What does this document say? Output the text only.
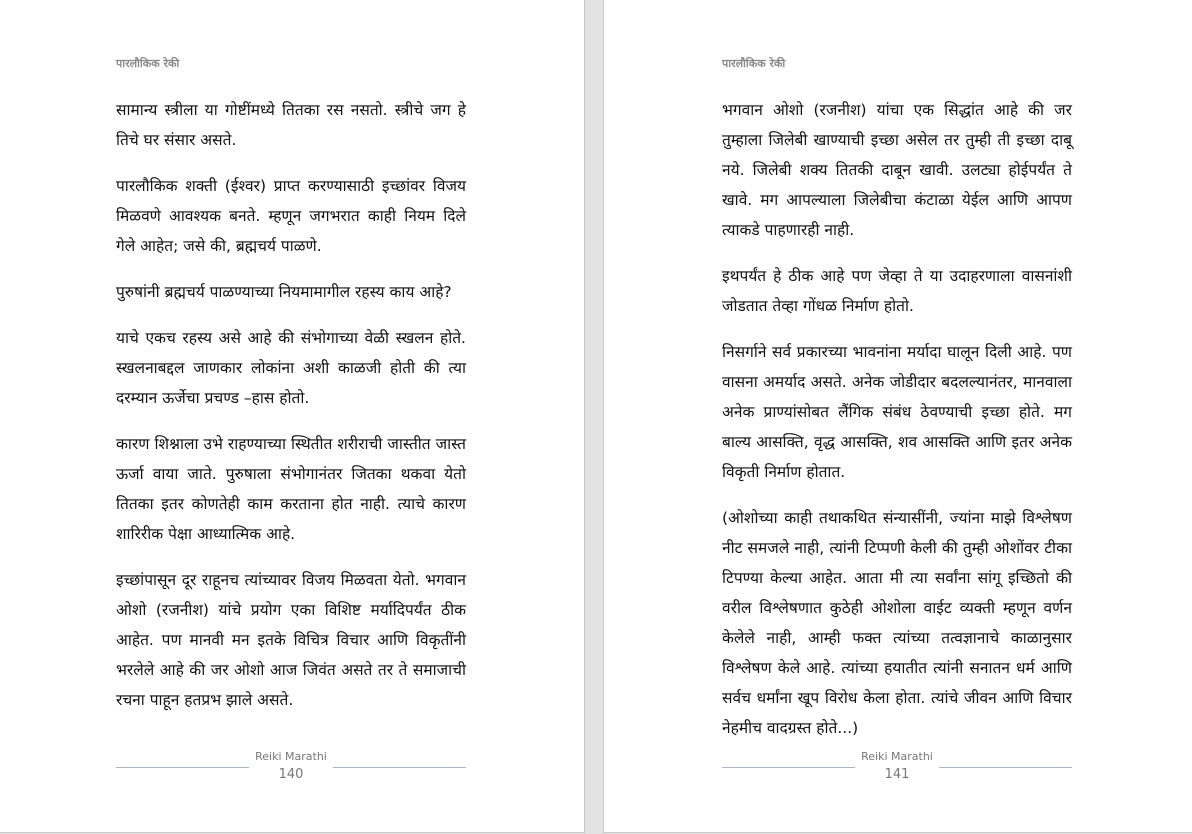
पारलौकिक रेकी

सामान्य स्त्रीला या गोष्टींमध्ये तितका रस नसतो. स्त्रीचे जग हे तिचे घर संसार असते.

पारलौकिक शक्ती (ईश्वर) प्राप्त करण्यासाठी इच्छांवर विजय मिळवणे आवश्यक बनते. म्हणून जगभरात काही नियम दिले गेले आहेत; जसे की, ब्रह्मचर्य पाळणे.

पुरुषांनी ब्रह्मचर्य पाळण्याच्या नियमामागील रहस्य काय आहे?

याचे एकच रहस्य असे आहे की संभोगाच्या वेळी स्खलन होते. स्खलनाबद्दल जाणकार लोकांना अशी काळजी होती की त्या दरम्यान ऊर्जेचा प्रचण्ड –हास होतो.

कारण शिश्नाला उभे राहण्याच्या स्थितीत शरीराची जास्तीत जास्त ऊर्जा वाया जाते. पुरुषाला संभोगानंतर जितका थकवा येतो तितका इतर कोणतेही काम करताना होत नाही. त्याचे कारण शारिरीक पेक्षा आध्यात्मिक आहे.

इच्छांपासून दूर राहूनच त्यांच्यावर विजय मिळवता येतो. भगवान ओशो (रजनीश) यांचे प्रयोग एका विशिष्ट मर्यादिपर्यंत ठीक आहेत. पण मानवी मन इतके विचित्र विचार आणि विकृतींनी भरलेले आहे की जर ओशो आज जिवंत असते तर ते समाजाची रचना पाहून हतप्रभ झाले असते.

Reiki Marathi
140
पारलौकिक रेकी

भगवान ओशो (रजनीश) यांचा एक सिद्धांत आहे की जर तुम्हाला जिलेबी खाण्याची इच्छा असेल तर तुम्ही ती इच्छा दाबू नये. जिलेबी शक्य तितकी दाबून खावी. उलट्या होईपर्यंत ते खावे. मग आपल्याला जिलेबीचा कंटाळा येईल आणि आपण त्याकडे पाहणारही नाही.

इथपर्यंत हे ठीक आहे पण जेव्हा ते या उदाहरणाला वासनांशी जोडतात तेव्हा गोंधळ निर्माण होतो.

निसर्गाने सर्व प्रकारच्या भावनांना मर्यादा घालून दिली आहे. पण वासना अमर्याद असते. अनेक जोडीदार बदलल्यानंतर, मानवाला अनेक प्राण्यांसोबत लैंगिक संबंध ठेवण्याची इच्छा होते. मग बाल्य आसक्ति, वृद्ध आसक्ति, शव आसक्ति आणि इतर अनेक विकृती निर्माण होतात.

(ओशोच्या काही तथाकथित संन्यासींनी, ज्यांना माझे विश्लेषण नीट समजले नाही, त्यांनी टिप्पणी केली की तुम्ही ओशोंवर टीका टिपण्या केल्या आहेत. आता मी त्या सर्वांना सांगू इच्छितो की वरील विश्लेषणात कुठेही ओशोला वाईट व्यक्ती म्हणून वर्णन केलेले नाही, आम्ही फक्त त्यांच्या तत्वज्ञानाचे काळानुसार विश्लेषण केले आहे. त्यांच्या हयातीत त्यांनी सनातन धर्म आणि सर्वच धर्मांना खूप विरोध केला होता. त्यांचे जीवन आणि विचार नेहमीच वादग्रस्त होते...)

Reiki Marathi
141
